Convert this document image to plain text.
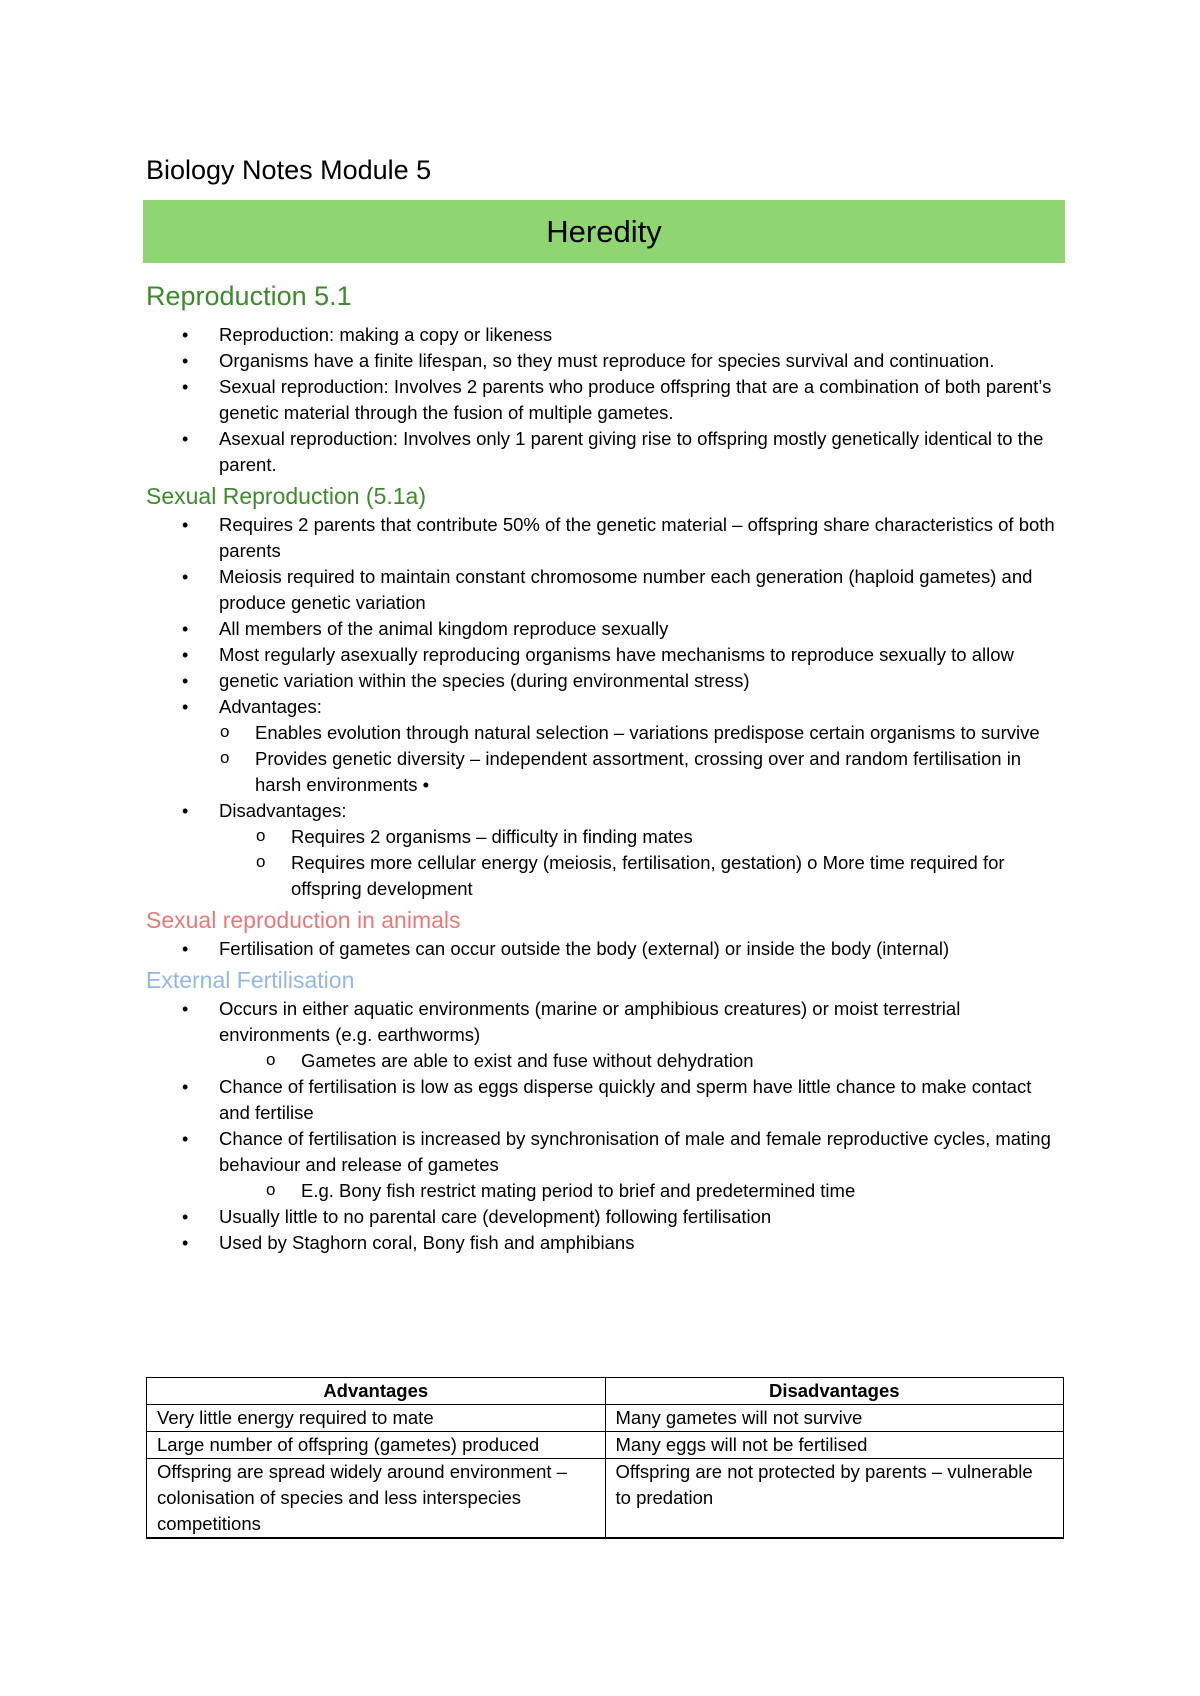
Biology Notes Module 5
Heredity
Reproduction 5.1
• Reproduction: making a copy or likeness
• Organisms have a finite lifespan, so they must reproduce for species survival and continuation.
• Sexual reproduction: Involves 2 parents who produce offspring that are a combination of both parent’s genetic material through the fusion of multiple gametes.
• Asexual reproduction: Involves only 1 parent giving rise to offspring mostly genetically identical to the parent.
Sexual Reproduction (5.1a)
• Requires 2 parents that contribute 50% of the genetic material – offspring share characteristics of both parents
• Meiosis required to maintain constant chromosome number each generation (haploid gametes) and produce genetic variation
• All members of the animal kingdom reproduce sexually
• Most regularly asexually reproducing organisms have mechanisms to reproduce sexually to allow
• genetic variation within the species (during environmental stress)
• Advantages:
o Enables evolution through natural selection – variations predispose certain organisms to survive
o Provides genetic diversity – independent assortment, crossing over and random fertilisation in harsh environments •
• Disadvantages:
o Requires 2 organisms – difficulty in finding mates
o Requires more cellular energy (meiosis, fertilisation, gestation) o More time required for offspring development
Sexual reproduction in animals
• Fertilisation of gametes can occur outside the body (external) or inside the body (internal)
External Fertilisation
• Occurs in either aquatic environments (marine or amphibious creatures) or moist terrestrial environments (e.g. earthworms)
o Gametes are able to exist and fuse without dehydration
• Chance of fertilisation is low as eggs disperse quickly and sperm have little chance to make contact and fertilise
• Chance of fertilisation is increased by synchronisation of male and female reproductive cycles, mating behaviour and release of gametes
o E.g. Bony fish restrict mating period to brief and predetermined time
• Usually little to no parental care (development) following fertilisation
• Used by Staghorn coral, Bony fish and amphibians
Advantages	Disadvantages
Very little energy required to mate	Many gametes will not survive
Large number of offspring (gametes) produced	Many eggs will not be fertilised
Offspring are spread widely around environment – colonisation of species and less interspecies competitions	Offspring are not protected by parents – vulnerable to predation
